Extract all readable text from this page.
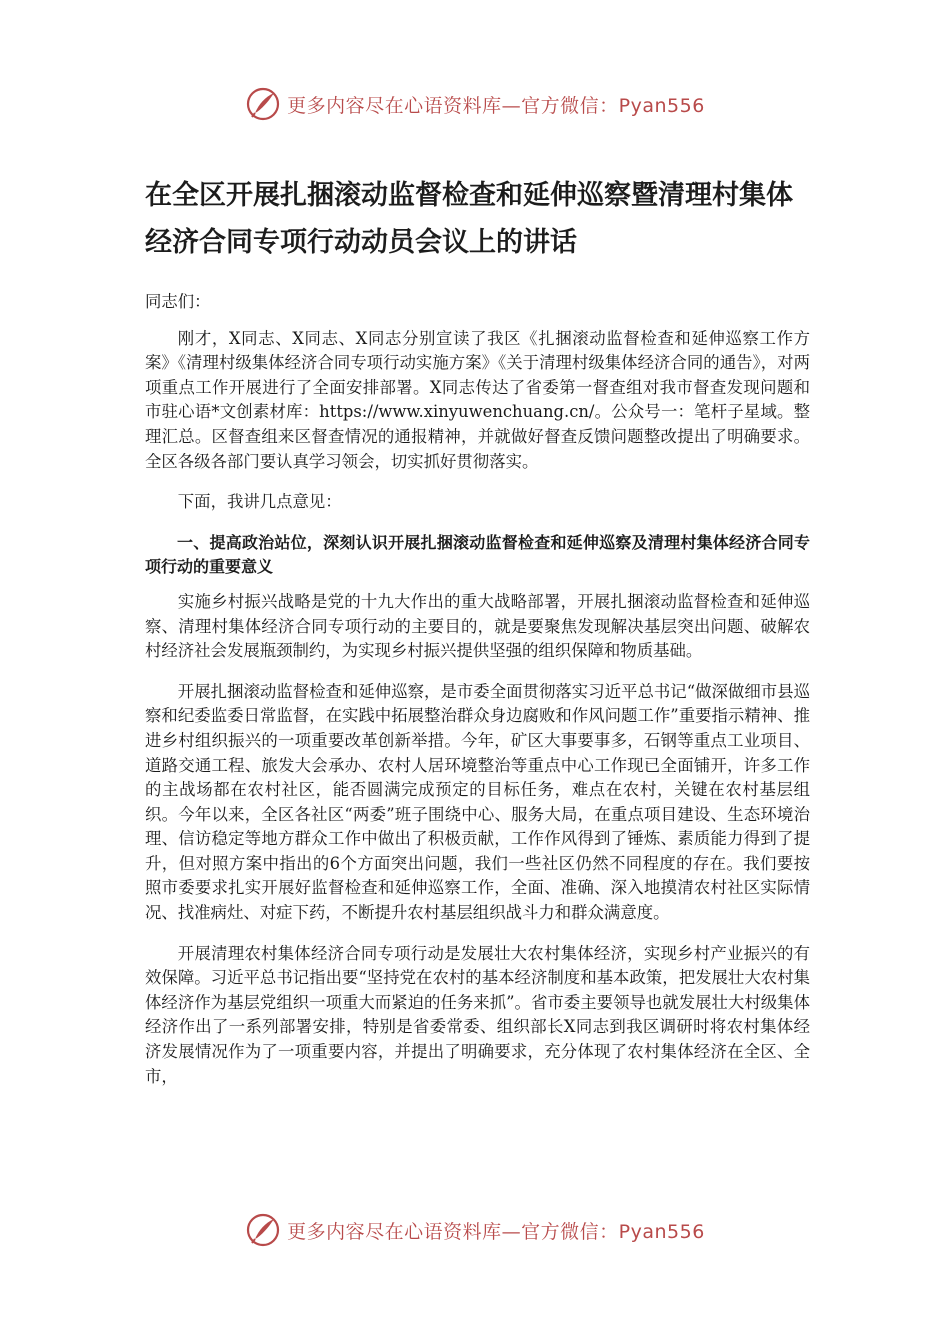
更多内容尽在心语资料库—官方微信：Pyan556
在全区开展扎捆滚动监督检查和延伸巡察暨清理村集体经济合同专项行动动员会议上的讲话

同志们：

刚才，X同志、X同志、X同志分别宣读了我区《扎捆滚动监督检查和延伸巡察工作方案》《清理村级集体经济合同专项行动实施方案》《关于清理村级集体经济合同的通告》，对两项重点工作开展进行了全面安排部署。X同志传达了省委第一督查组对我市督查发现问题和市驻心语*文创素材库：https://www.xinyuwenchuang.cn/。公众号一：笔杆子星域。整理汇总。区督查组来区督查情况的通报精神，并就做好督查反馈问题整改提出了明确要求。全区各级各部门要认真学习领会，切实抓好贯彻落实。

下面，我讲几点意见：

一、提高政治站位，深刻认识开展扎捆滚动监督检查和延伸巡察及清理村集体经济合同专项行动的重要意义

实施乡村振兴战略是党的十九大作出的重大战略部署，开展扎捆滚动监督检查和延伸巡察、清理村集体经济合同专项行动的主要目的，就是要聚焦发现解决基层突出问题、破解农村经济社会发展瓶颈制约，为实现乡村振兴提供坚强的组织保障和物质基础。

开展扎捆滚动监督检查和延伸巡察，是市委全面贯彻落实习近平总书记“做深做细市县巡察和纪委监委日常监督，在实践中拓展整治群众身边腐败和作风问题工作”重要指示精神、推进乡村组织振兴的一项重要改革创新举措。今年，矿区大事要事多，石钢等重点工业项目、道路交通工程、旅发大会承办、农村人居环境整治等重点中心工作现已全面铺开，许多工作的主战场都在农村社区，能否圆满完成预定的目标任务，难点在农村，关键在农村基层组织。今年以来，全区各社区“两委”班子围绕中心、服务大局，在重点项目建设、生态环境治理、信访稳定等地方群众工作中做出了积极贡献，工作作风得到了锤炼、素质能力得到了提升，但对照方案中指出的6个方面突出问题，我们一些社区仍然不同程度的存在。我们要按照市委要求扎实开展好监督检查和延伸巡察工作，全面、准确、深入地摸清农村社区实际情况、找准病灶、对症下药，不断提升农村基层组织战斗力和群众满意度。

开展清理农村集体经济合同专项行动是发展壮大农村集体经济，实现乡村产业振兴的有效保障。习近平总书记指出要“坚持党在农村的基本经济制度和基本政策，把发展壮大农村集体经济作为基层党组织一项重大而紧迫的任务来抓”。省市委主要领导也就发展壮大村级集体经济作出了一系列部署安排，特别是省委常委、组织部长X同志到我区调研时将农村集体经济发展情况作为了一项重要内容，并提出了明确要求，充分体现了农村集体经济在全区、全市，

更多内容尽在心语资料库—官方微信：Pyan556
